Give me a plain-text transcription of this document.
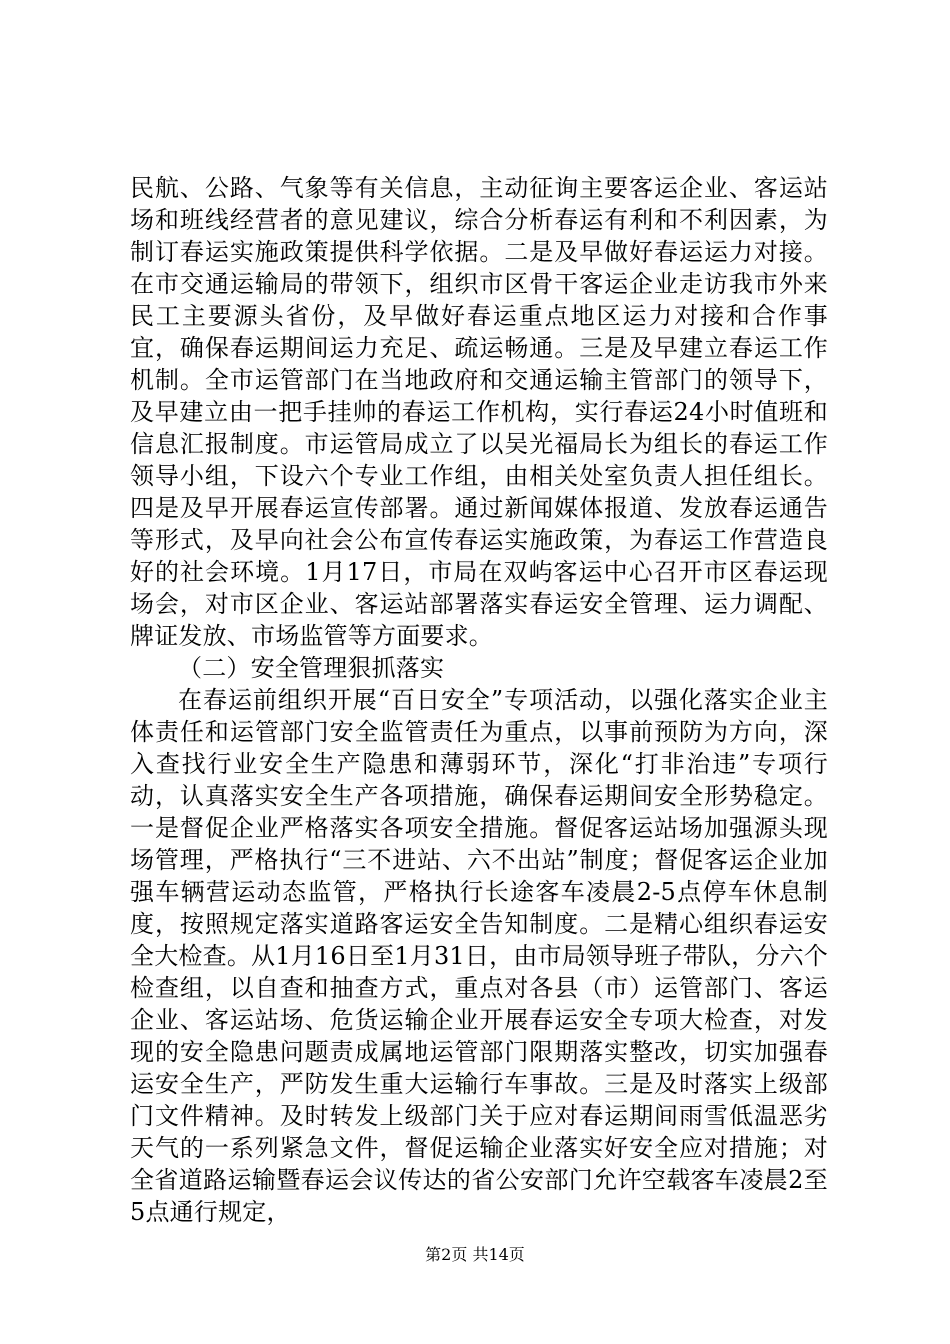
民航、公路、气象等有关信息，主动征询主要客运企业、客运站场和班线经营者的意见建议，综合分析春运有利和不利因素，为制订春运实施政策提供科学依据。二是及早做好春运运力对接。在市交通运输局的带领下，组织市区骨干客运企业走访我市外来民工主要源头省份，及早做好春运重点地区运力对接和合作事宜，确保春运期间运力充足、疏运畅通。三是及早建立春运工作机制。全市运管部门在当地政府和交通运输主管部门的领导下，及早建立由一把手挂帅的春运工作机构，实行春运24小时值班和信息汇报制度。市运管局成立了以吴光福局长为组长的春运工作领导小组，下设六个专业工作组，由相关处室负责人担任组长。四是及早开展春运宣传部署。通过新闻媒体报道、发放春运通告等形式，及早向社会公布宣传春运实施政策，为春运工作营造良好的社会环境。1月17日，市局在双屿客运中心召开市区春运现场会，对市区企业、客运站部署落实春运安全管理、运力调配、牌证发放、市场监管等方面要求。

（二）安全管理狠抓落实

在春运前组织开展“百日安全”专项活动，以强化落实企业主体责任和运管部门安全监管责任为重点，以事前预防为方向，深入查找行业安全生产隐患和薄弱环节，深化“打非治违”专项行动，认真落实安全生产各项措施，确保春运期间安全形势稳定。一是督促企业严格落实各项安全措施。督促客运站场加强源头现场管理，严格执行“三不进站、六不出站”制度；督促客运企业加强车辆营运动态监管，严格执行长途客车凌晨2-5点停车休息制度，按照规定落实道路客运安全告知制度。二是精心组织春运安全大检查。从1月16日至1月31日，由市局领导班子带队，分六个检查组，以自查和抽查方式，重点对各县（市）运管部门、客运企业、客运站场、危货运输企业开展春运安全专项大检查，对发现的安全隐患问题责成属地运管部门限期落实整改，切实加强春运安全生产，严防发生重大运输行车事故。三是及时落实上级部门文件精神。及时转发上级部门关于应对春运期间雨雪低温恶劣天气的一系列紧急文件，督促运输企业落实好安全应对措施；对全省道路运输暨春运会议传达的省公安部门允许空载客车凌晨2至5点通行规定，

第2页 共14页
